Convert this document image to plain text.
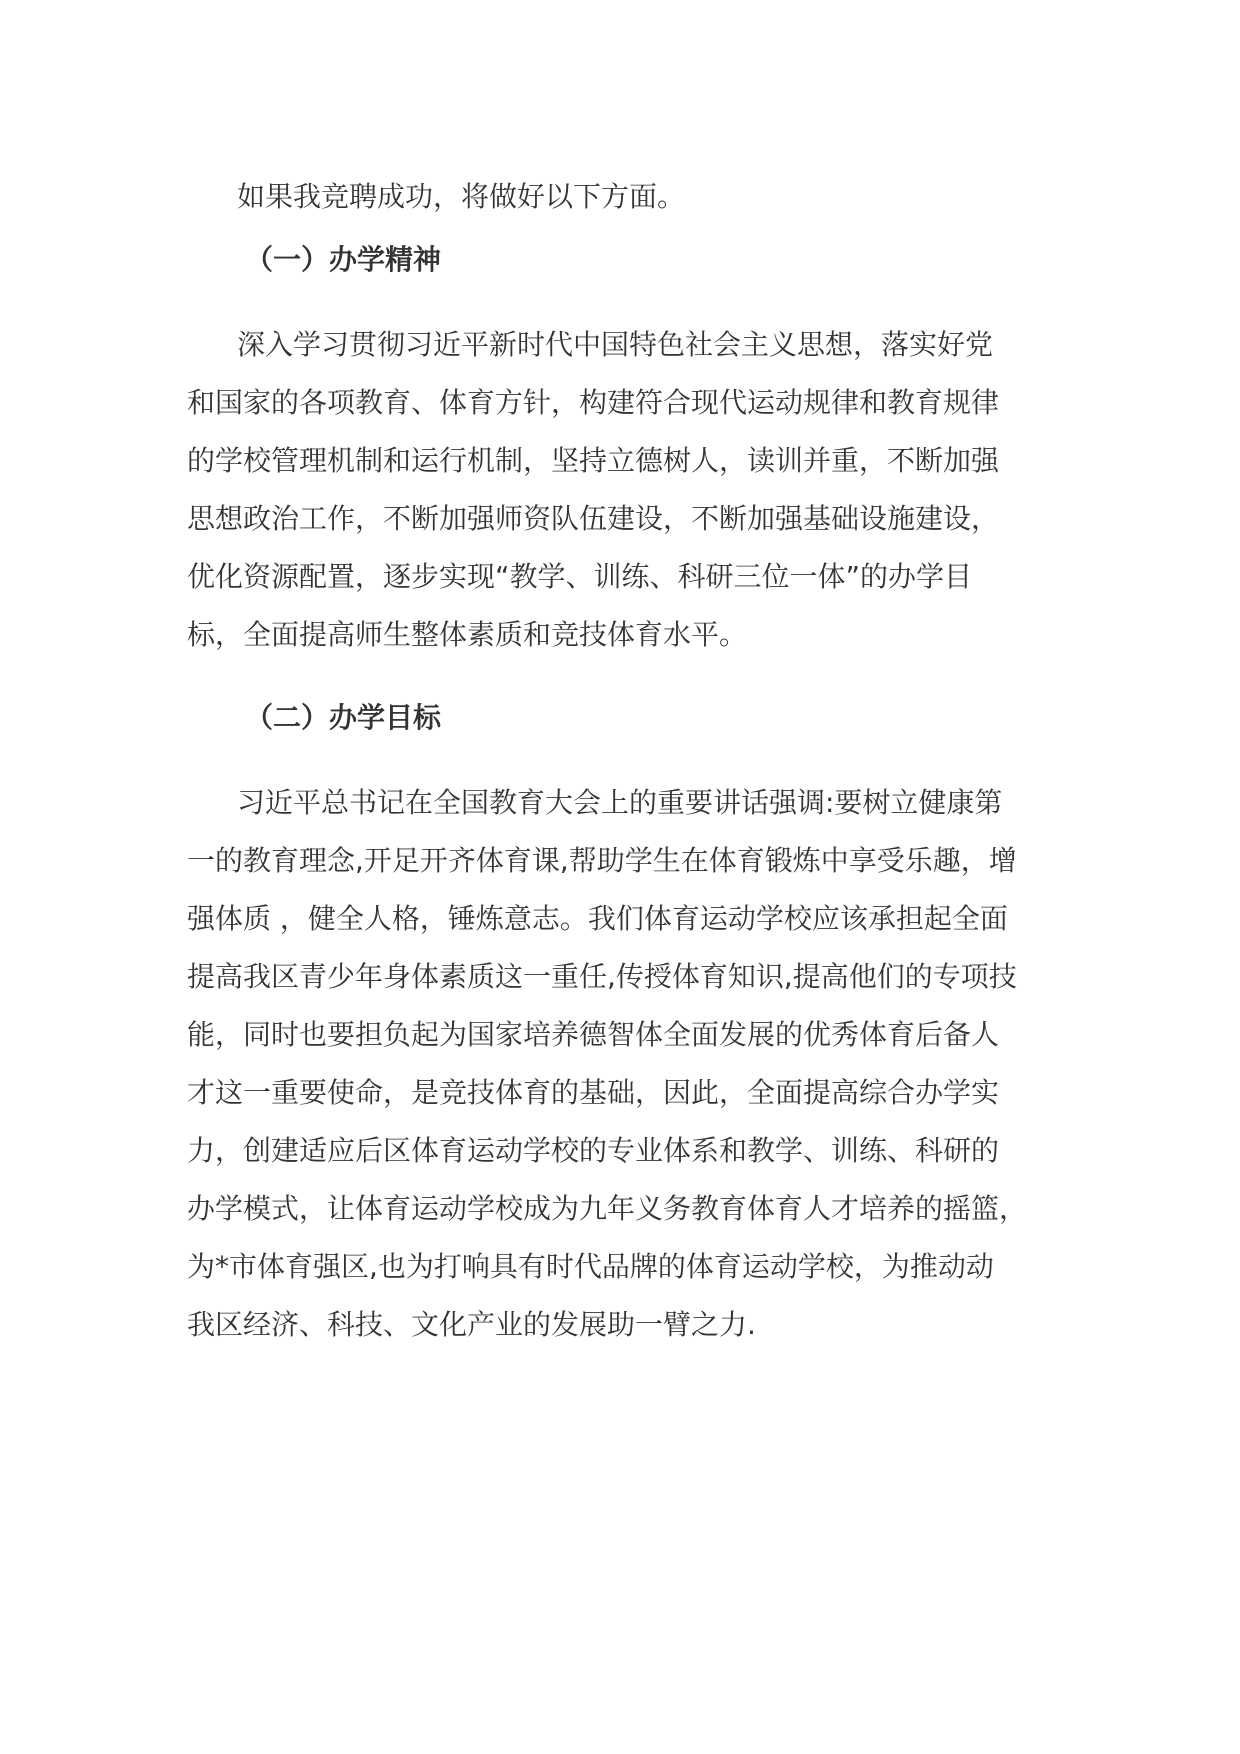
如果我竞聘成功，将做好以下方面。
（一）办学精神
深入学习贯彻习近平新时代中国特色社会主义思想，落实好党
和国家的各项教育、体育方针，构建符合现代运动规律和教育规律
的学校管理机制和运行机制，坚持立德树人，读训并重，不断加强
思想政治工作，不断加强师资队伍建设，不断加强基础设施建设，
优化资源配置，逐步实现“教学、训练、科研三位一体”的办学目
标，全面提高师生整体素质和竞技体育水平。
（二）办学目标
习近平总书记在全国教育大会上的重要讲话强调:要树立健康第
一的教育理念,开足开齐体育课,帮助学生在体育锻炼中享受乐趣，增
强体质 ，健全人格，锤炼意志。我们体育运动学校应该承担起全面
提高我区青少年身体素质这一重任,传授体育知识,提高他们的专项技
能，同时也要担负起为国家培养德智体全面发展的优秀体育后备人
才这一重要使命，是竞技体育的基础，因此，全面提高综合办学实
力，创建适应后区体育运动学校的专业体系和教学、训练、科研的
办学模式，让体育运动学校成为九年义务教育体育人才培养的摇篮，
为*市体育强区,也为打响具有时代品牌的体育运动学校，为推动动
我区经济、科技、文化产业的发展助一臂之力.
